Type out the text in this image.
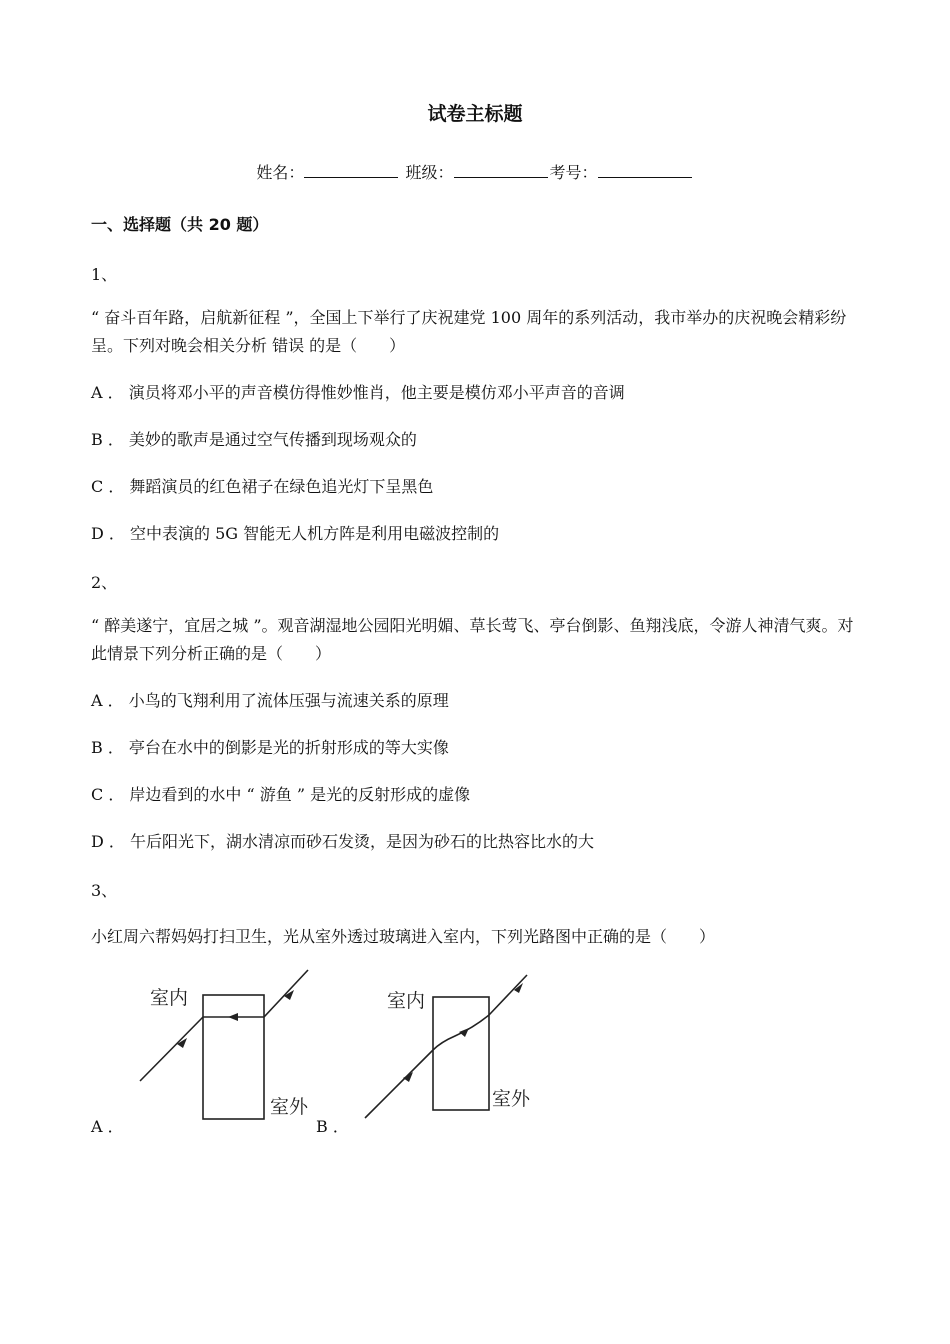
试卷主标题
姓名：	班级：	考号：
一、选择题（共 20 题）
1、
“ 奋斗百年路，启航新征程 ”，全国上下举行了庆祝建党 100 周年的系列活动，我市举办的庆祝晚会精彩纷呈。下列对晚会相关分析 错误 的是（　　）
A ． 演员将邓小平的声音模仿得惟妙惟肖，他主要是模仿邓小平声音的音调
B ． 美妙的歌声是通过空气传播到现场观众的
C ． 舞蹈演员的红色裙子在绿色追光灯下呈黑色
D ． 空中表演的 5G 智能无人机方阵是利用电磁波控制的
2、
“ 醉美遂宁，宜居之城 ”。观音湖湿地公园阳光明媚、草长莺飞、亭台倒影、鱼翔浅底，令游人神清气爽。对此情景下列分析正确的是（　　）
A ． 小鸟的飞翔利用了流体压强与流速关系的原理
B ． 亭台在水中的倒影是光的折射形成的等大实像
C ． 岸边看到的水中 “ 游鱼 ” 是光的反射形成的虚像
D ． 午后阳光下，湖水清凉而砂石发烫，是因为砂石的比热容比水的大
3、
小红周六帮妈妈打扫卫生，光从室外透过玻璃进入室内，下列光路图中正确的是（　　）
室内
室外
室内
室外
A ．	B ．
